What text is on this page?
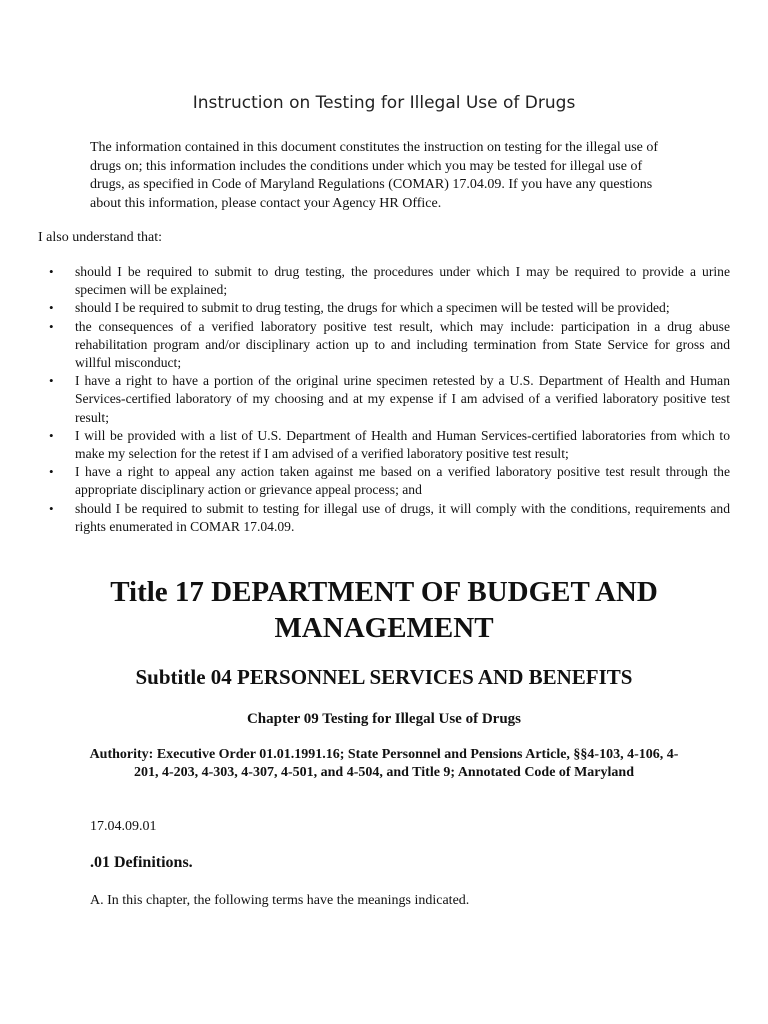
Instruction on Testing for Illegal Use of Drugs

The information contained in this document constitutes the instruction on testing for the illegal use of drugs on; this information includes the conditions under which you may be tested for illegal use of drugs, as specified in Code of Maryland Regulations (COMAR) 17.04.09. If you have any questions about this information, please contact your Agency HR Office.

I also understand that:

• should I be required to submit to drug testing, the procedures under which I may be required to provide a urine specimen will be explained;
• should I be required to submit to drug testing, the drugs for which a specimen will be tested will be provided;
• the consequences of a verified laboratory positive test result, which may include: participation in a drug abuse rehabilitation program and/or disciplinary action up to and including termination from State Service for gross and willful misconduct;
• I have a right to have a portion of the original urine specimen retested by a U.S. Department of Health and Human Services-certified laboratory of my choosing and at my expense if I am advised of a verified laboratory positive test result;
• I will be provided with a list of U.S. Department of Health and Human Services-certified laboratories from which to make my selection for the retest if I am advised of a verified laboratory positive test result;
• I have a right to appeal any action taken against me based on a verified laboratory positive test result through the appropriate disciplinary action or grievance appeal process; and
• should I be required to submit to testing for illegal use of drugs, it will comply with the conditions, requirements and rights enumerated in COMAR 17.04.09.
Title 17 DEPARTMENT OF BUDGET AND MANAGEMENT
Subtitle 04 PERSONNEL SERVICES AND BENEFITS
Chapter 09 Testing for Illegal Use of Drugs

Authority: Executive Order 01.01.1991.16; State Personnel and Pensions Article, §§4-103, 4-106, 4-201, 4-203, 4-303, 4-307, 4-501, and 4-504, and Title 9; Annotated Code of Maryland

17.04.09.01

.01 Definitions.

A. In this chapter, the following terms have the meanings indicated.
